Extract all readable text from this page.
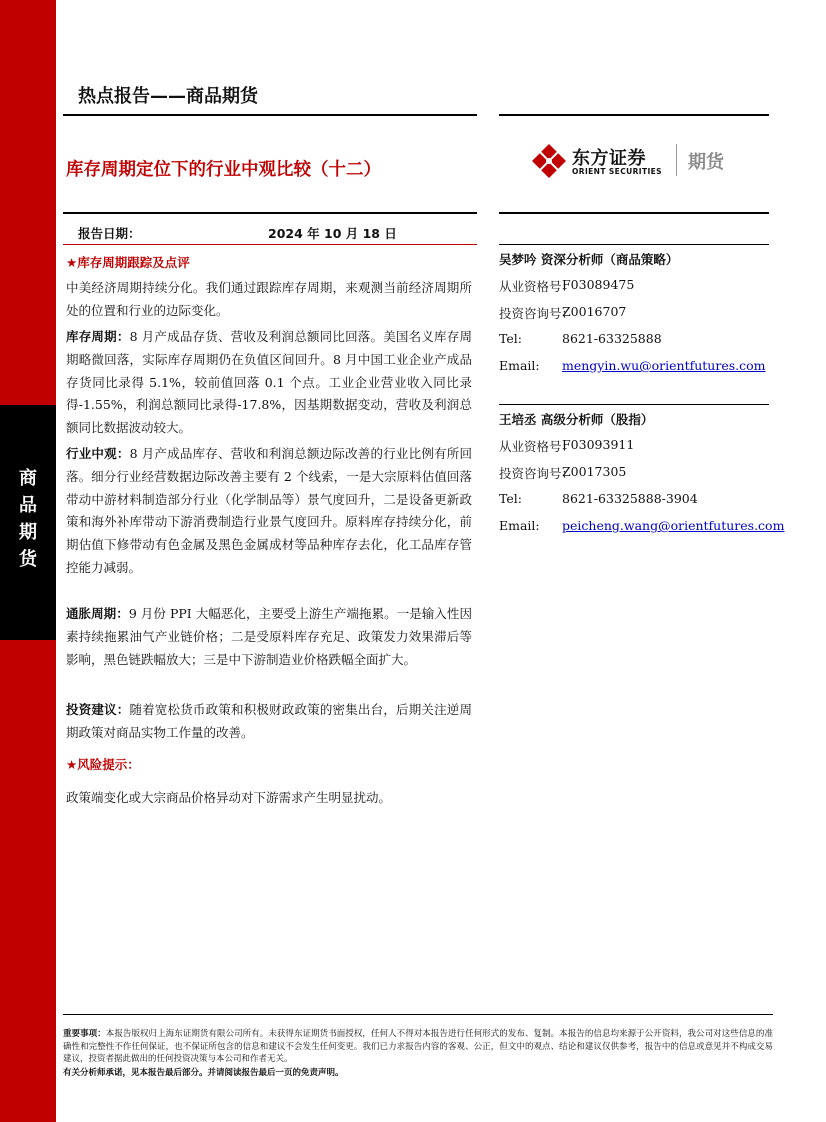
商
品
期
货
热点报告——商品期货
库存周期定位下的行业中观比较（十二）
东方证券
ORIENT SECURITIES 期货
报告日期：	2024 年 10 月 18 日
★库存周期跟踪及点评
中美经济周期持续分化。我们通过跟踪库存周期，来观测当前经济周期所处的位置和行业的边际变化。
库存周期：8 月产成品存货、营收及利润总额同比回落。美国名义库存周期略微回落，实际库存周期仍在负值区间回升。8 月中国工业企业产成品存货同比录得 5.1%，较前值回落 0.1 个点。工业企业营业收入同比录得-1.55%，利润总额同比录得-17.8%，因基期数据变动，营收及利润总额同比数据波动较大。
行业中观：8 月产成品库存、营收和利润总额边际改善的行业比例有所回落。细分行业经营数据边际改善主要有 2 个线索，一是大宗原料估值回落带动中游材料制造部分行业（化学制品等）景气度回升，二是设备更新政策和海外补库带动下游消费制造行业景气度回升。原料库存持续分化，前期估值下修带动有色金属及黑色金属成材等品种库存去化，化工品库存管控能力减弱。
通胀周期：9 月份 PPI 大幅恶化，主要受上游生产端拖累。一是输入性因素持续拖累油气产业链价格；二是受原料库存充足、政策发力效果滞后等影响，黑色链跌幅放大；三是中下游制造业价格跌幅全面扩大。
投资建议：随着宽松货币政策和积极财政政策的密集出台，后期关注逆周期政策对商品实物工作量的改善。
★风险提示：
政策端变化或大宗商品价格异动对下游需求产生明显扰动。
吴梦吟 资深分析师（商品策略）
从业资格号：
F03089475
投资咨询号：
Z0016707
Tel:	8621-63325888
Email: mengyin.wu@orientfutures.com
王培丞 高级分析师（股指）
从业资格号：
F03093911
投资咨询号：
Z0017305
Tel:	8621-63325888-3904
Email: peicheng.wang@orientfutures.com
重要事项：本报告版权归上海东证期货有限公司所有。未获得东证期货书面授权，任何人不得对本报告进行任何形式的发布、复制。本报告的信息均来源于公开资料，我公司对这些信息的准确性和完整性不作任何保证，也不保证所包含的信息和建议不会发生任何变更。我们已力求报告内容的客观、公正，但文中的观点、结论和建议仅供参考，报告中的信息或意见并不构成交易建议，投资者据此做出的任何投资决策与本公司和作者无关。
有关分析师承诺，见本报告最后部分。并请阅读报告最后一页的免责声明。
